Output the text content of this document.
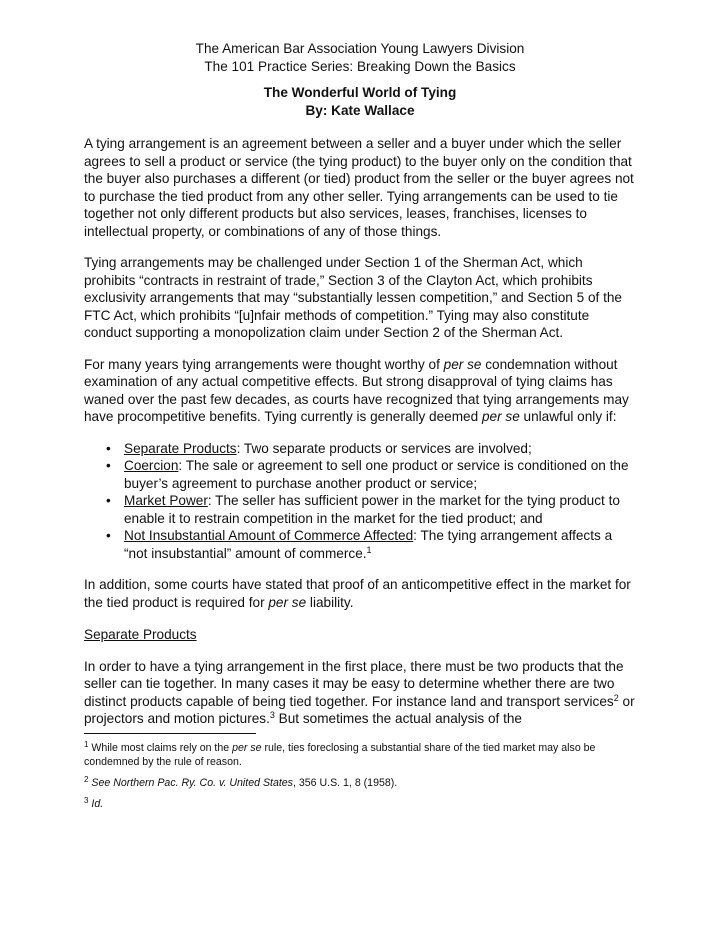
The American Bar Association Young Lawyers Division
The 101 Practice Series: Breaking Down the Basics
The Wonderful World of Tying
By: Kate Wallace

A tying arrangement is an agreement between a seller and a buyer under which the seller agrees to sell a product or service (the tying product) to the buyer only on the condition that the buyer also purchases a different (or tied) product from the seller or the buyer agrees not to purchase the tied product from any other seller. Tying arrangements can be used to tie together not only different products but also services, leases, franchises, licenses to intellectual property, or combinations of any of those things.

Tying arrangements may be challenged under Section 1 of the Sherman Act, which prohibits “contracts in restraint of trade,” Section 3 of the Clayton Act, which prohibits exclusivity arrangements that may “substantially lessen competition,” and Section 5 of the FTC Act, which prohibits “[u]nfair methods of competition.” Tying may also constitute conduct supporting a monopolization claim under Section 2 of the Sherman Act.

For many years tying arrangements were thought worthy of per se condemnation without examination of any actual competitive effects. But strong disapproval of tying claims has waned over the past few decades, as courts have recognized that tying arrangements may have procompetitive benefits. Tying currently is generally deemed per se unlawful only if:

• Separate Products: Two separate products or services are involved;
• Coercion: The sale or agreement to sell one product or service is conditioned on the buyer’s agreement to purchase another product or service;
• Market Power: The seller has sufficient power in the market for the tying product to enable it to restrain competition in the market for the tied product; and
• Not Insubstantial Amount of Commerce Affected: The tying arrangement affects a “not insubstantial” amount of commerce.$^1$

In addition, some courts have stated that proof of an anticompetitive effect in the market for the tied product is required for per se liability.

Separate Products

In order to have a tying arrangement in the first place, there must be two products that the seller can tie together. In many cases it may be easy to determine whether there are two distinct products capable of being tied together. For instance land and transport services$^2$ or projectors and motion pictures.$^3$ But sometimes the actual analysis of the

$^1$ While most claims rely on the per se rule, ties foreclosing a substantial share of the tied market may also be condemned by the rule of reason.
$^2$ See Northern Pac. Ry. Co. v. United States, 356 U.S. 1, 8 (1958).
$^3$ Id.
